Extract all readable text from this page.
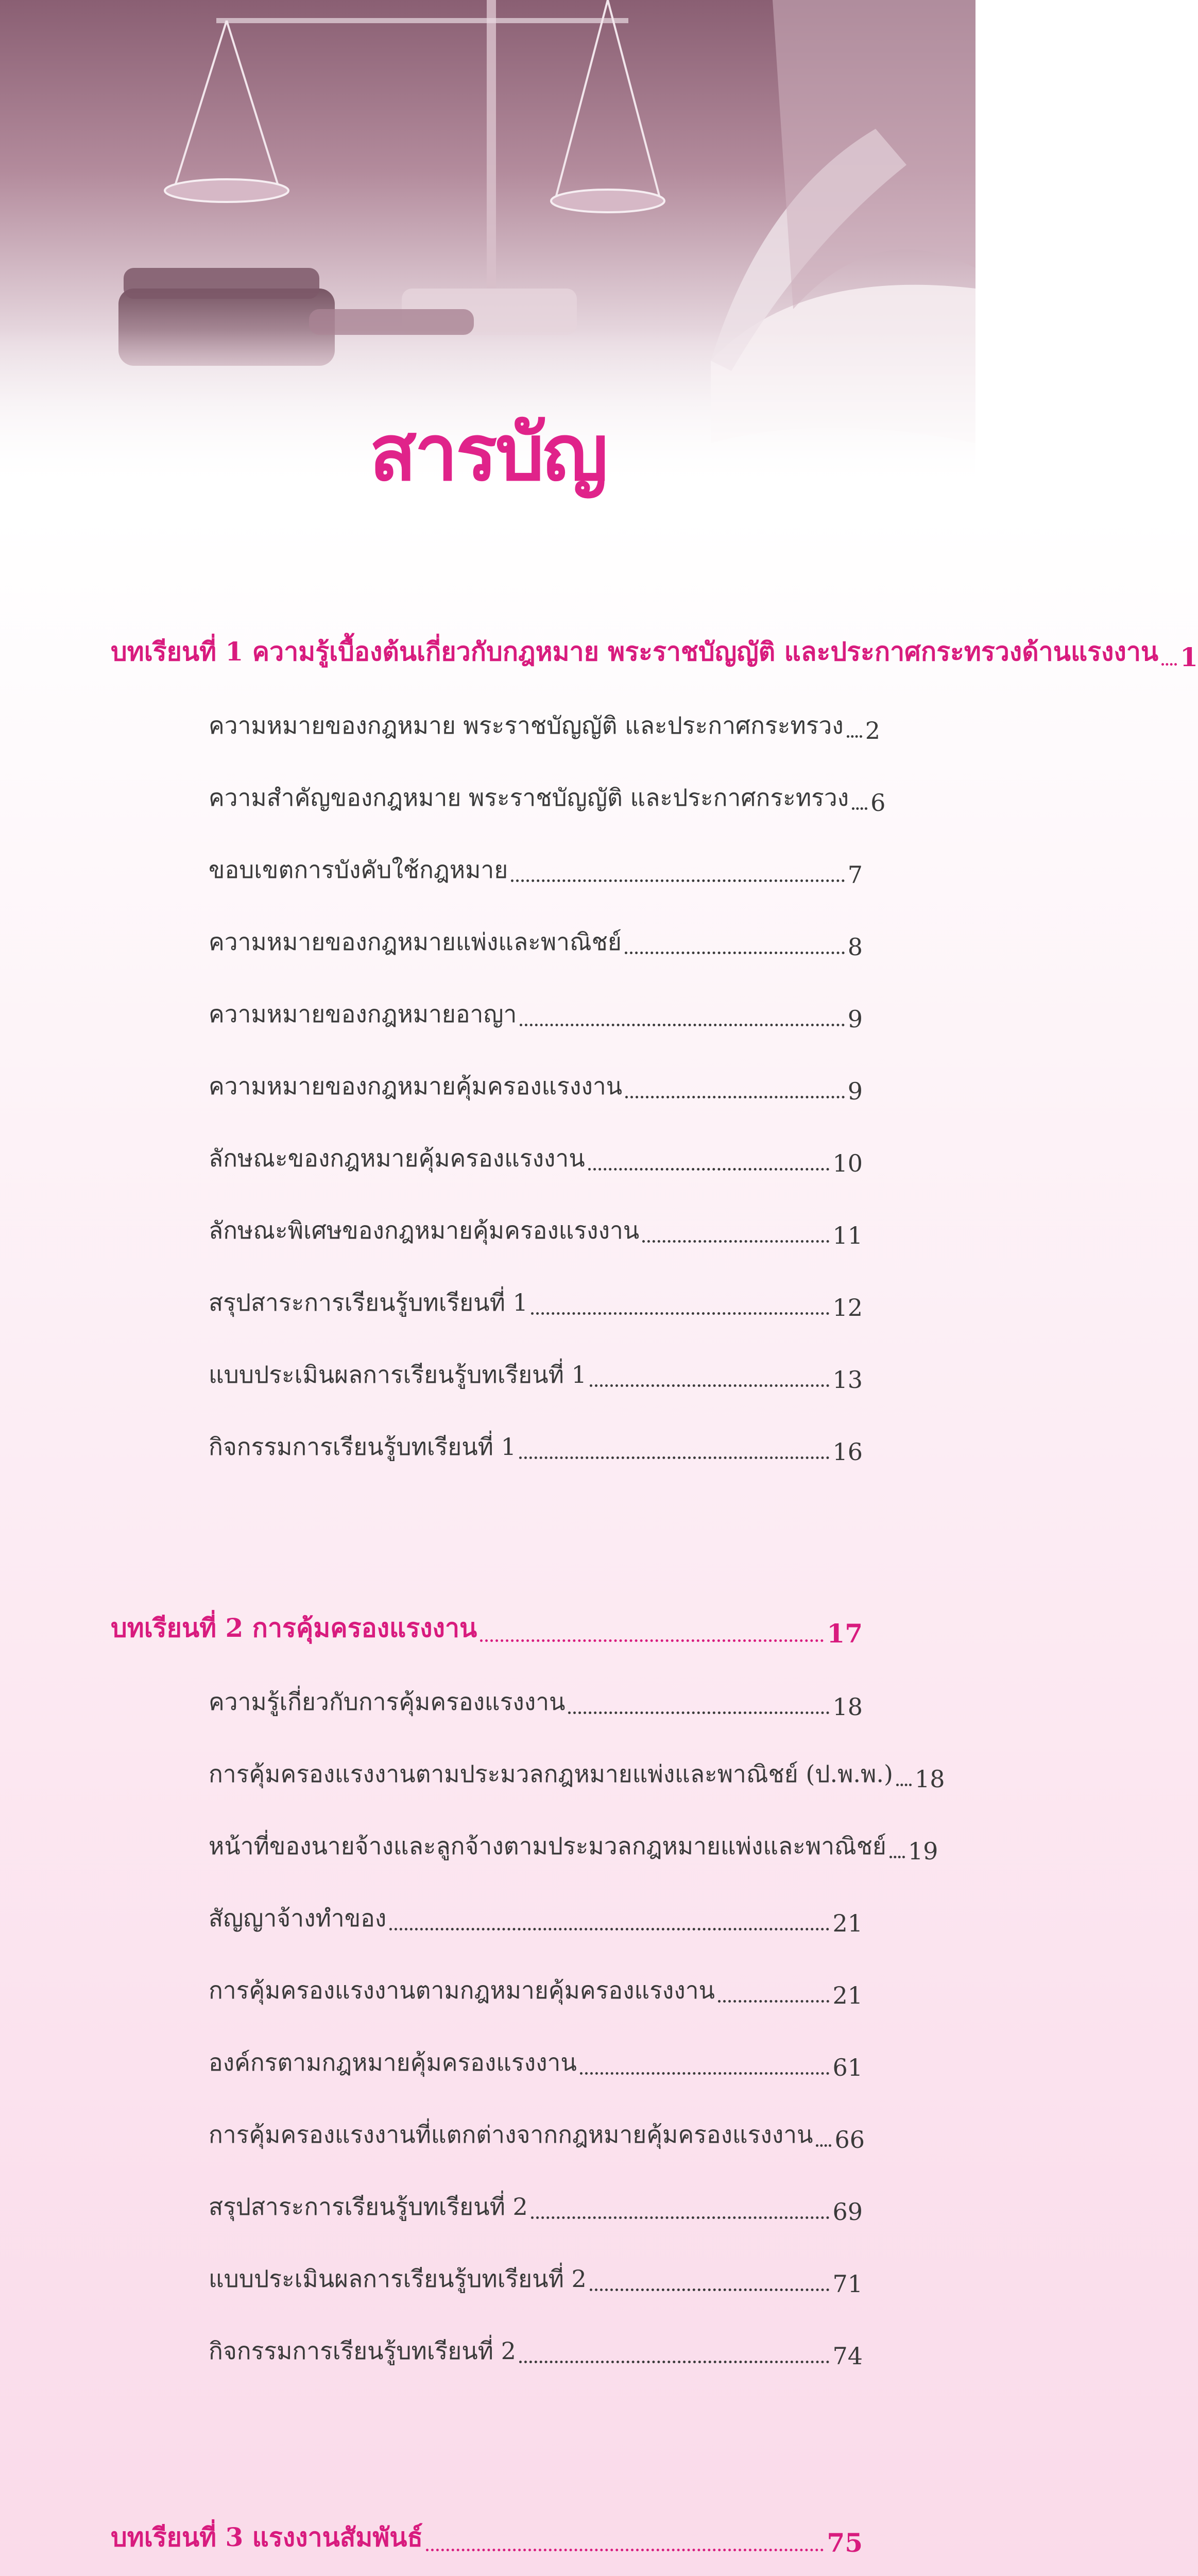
สารบัญ
บทเรียนที่ 1 ความรู้เบื้องต้นเกี่ยวกับกฎหมาย พระราชบัญญัติ และประกาศกระทรวงด้านแรงงาน 1
ความหมายของกฎหมาย พระราชบัญญัติ และประกาศกระทรวง 2
ความสำคัญของกฎหมาย พระราชบัญญัติ และประกาศกระทรวง 6
ขอบเขตการบังคับใช้กฎหมาย	7
ความหมายของกฎหมายแพ่งและพาณิชย์	8
ความหมายของกฎหมายอาญา	9
ความหมายของกฎหมายคุ้มครองแรงงาน	9
ลักษณะของกฎหมายคุ้มครองแรงงาน	10
ลักษณะพิเศษของกฎหมายคุ้มครองแรงงาน	11
สรุปสาระการเรียนรู้บทเรียนที่ 1	12
แบบประเมินผลการเรียนรู้บทเรียนที่ 1	13
กิจกรรมการเรียนรู้บทเรียนที่ 1	16
บทเรียนที่ 2 การคุ้มครองแรงงาน	17
ความรู้เกี่ยวกับการคุ้มครองแรงงาน	18
การคุ้มครองแรงงานตามประมวลกฎหมายแพ่งและพาณิชย์ (ป.พ.พ.) 18
หน้าที่ของนายจ้างและลูกจ้างตามประมวลกฎหมายแพ่งและพาณิชย์ 19
สัญญาจ้างทำของ	21
การคุ้มครองแรงงานตามกฎหมายคุ้มครองแรงงาน	21
องค์กรตามกฎหมายคุ้มครองแรงงาน	61
การคุ้มครองแรงงานที่แตกต่างจากกฎหมายคุ้มครองแรงงาน 66
สรุปสาระการเรียนรู้บทเรียนที่ 2	69
แบบประเมินผลการเรียนรู้บทเรียนที่ 2	71
กิจกรรมการเรียนรู้บทเรียนที่ 2	74
บทเรียนที่ 3 แรงงานสัมพันธ์	75
